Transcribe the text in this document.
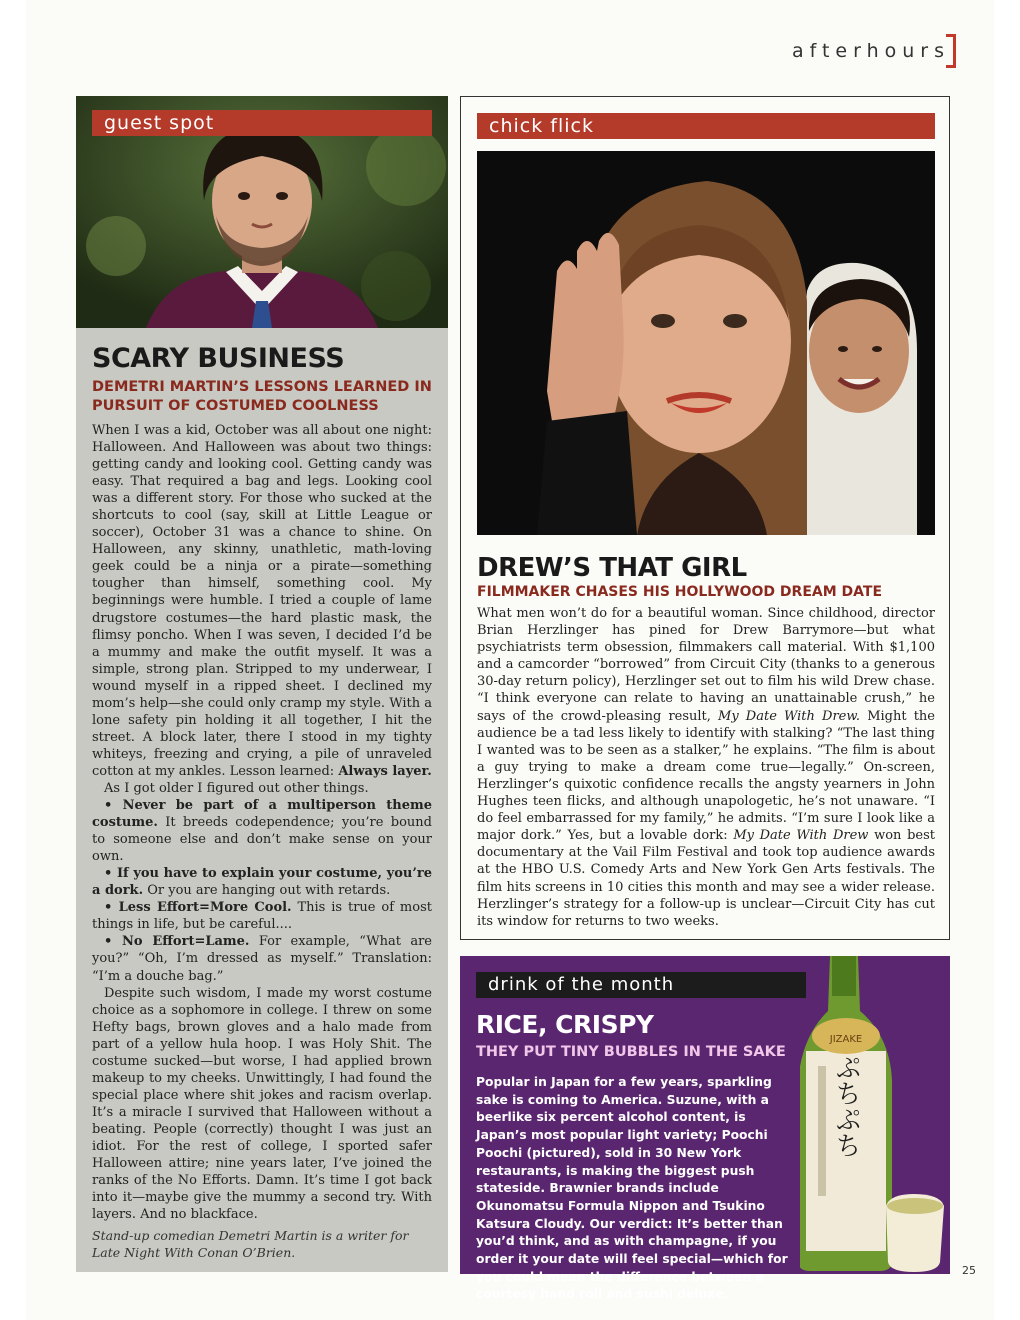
afterhours
guest spot
SCARY BUSINESS
DEMETRI MARTIN’S LESSONS LEARNED IN PURSUIT OF COSTUMED COOLNESS

When I was a kid, October was all about one night: Halloween. And Halloween was about two things: getting candy and looking cool. Getting candy was easy. That required a bag and legs. Looking cool was a different story. For those who sucked at the shortcuts to cool (say, skill at Little League or soccer), October 31 was a chance to shine. On Halloween, any skinny, unathletic, math-loving geek could be a ninja or a pirate—something tougher than himself, something cool. My beginnings were humble. I tried a couple of lame drugstore costumes—the hard plastic mask, the flimsy poncho. When I was seven, I decided I’d be a mummy and make the outfit myself. It was a simple, strong plan. Stripped to my underwear, I wound myself in a ripped sheet. I declined my mom’s help—she could only cramp my style. With a lone safety pin holding it all together, I hit the street. A block later, there I stood in my tighty whiteys, freezing and crying, a pile of unraveled cotton at my ankles. Lesson learned: Always layer.

As I got older I figured out other things.

• Never be part of a multiperson theme costume. It breeds codependence; you’re bound to someone else and don’t make sense on your own.

• If you have to explain your costume, you’re a dork. Or you are hanging out with retards.

• Less Effort=More Cool. This is true of most things in life, but be careful....

• No Effort=Lame. For example, “What are you?” “Oh, I’m dressed as myself.” Translation: “I’m a douche bag.”

Despite such wisdom, I made my worst costume choice as a sophomore in college. I threw on some Hefty bags, brown gloves and a halo made from part of a yellow hula hoop. I was Holy Shit. The costume sucked—but worse, I had applied brown makeup to my cheeks. Unwittingly, I had found the special place where shit jokes and racism overlap. It’s a miracle I survived that Halloween without a beating. People (correctly) thought I was just an idiot. For the rest of college, I sported safer Halloween attire; nine years later, I’ve joined the ranks of the No Efforts. Damn. It’s time I got back into it—maybe give the mummy a second try. With layers. And no blackface.

Stand-up comedian Demetri Martin is a writer for Late Night With Conan O’Brien.
chick flick
DREW’S THAT GIRL
FILMMAKER CHASES HIS HOLLYWOOD DREAM DATE
What men won’t do for a beautiful woman. Since childhood, director Brian Herzlinger has pined for Drew Barrymore—but what psychiatrists term obsession, filmmakers call material. With $1,100 and a camcorder “borrowed” from Circuit City (thanks to a generous 30-day return policy), Herzlinger set out to film his wild Drew chase. “I think everyone can relate to having an unattainable crush,” he says of the crowd-pleasing result, My Date With Drew. Might the audience be a tad less likely to identify with stalking? “The last thing I wanted was to be seen as a stalker,” he explains. “The film is about a guy trying to make a dream come true—legally.” On-screen, Herzlinger’s quixotic confidence recalls the angsty yearners in John Hughes teen flicks, and although unapologetic, he’s not unaware. “I do feel embarrassed for my family,” he admits. “I’m sure I look like a major dork.” Yes, but a lovable dork: My Date With Drew won best documentary at the Vail Film Festival and took top audience awards at the HBO U.S. Comedy Arts and New York Gen Arts festivals. The film hits screens in 10 cities this month and may see a wider release. Herzlinger’s strategy for a follow-up is unclear—Circuit City has cut its window for returns to two weeks.
drink of the month
RICE, CRISPY
THEY PUT TINY BUBBLES IN THE SAKE
Popular in Japan for a few years, sparkling sake is coming to America. Suzune, with a beerlike six percent alcohol content, is Japan’s most popular light variety; Poochi Poochi (pictured), sold in 30 New York restaurants, is making the biggest push stateside. Brawnier brands include Okunomatsu Formula Nippon and Tsukino Katsura Cloudy. Our verdict: It’s better than you’d think, and as with champagne, if you order it your date will feel special—which for you could mean the difference between a courtesy hand roll and sushi deluxe.
JIZAKE
ぷちぷち
25
